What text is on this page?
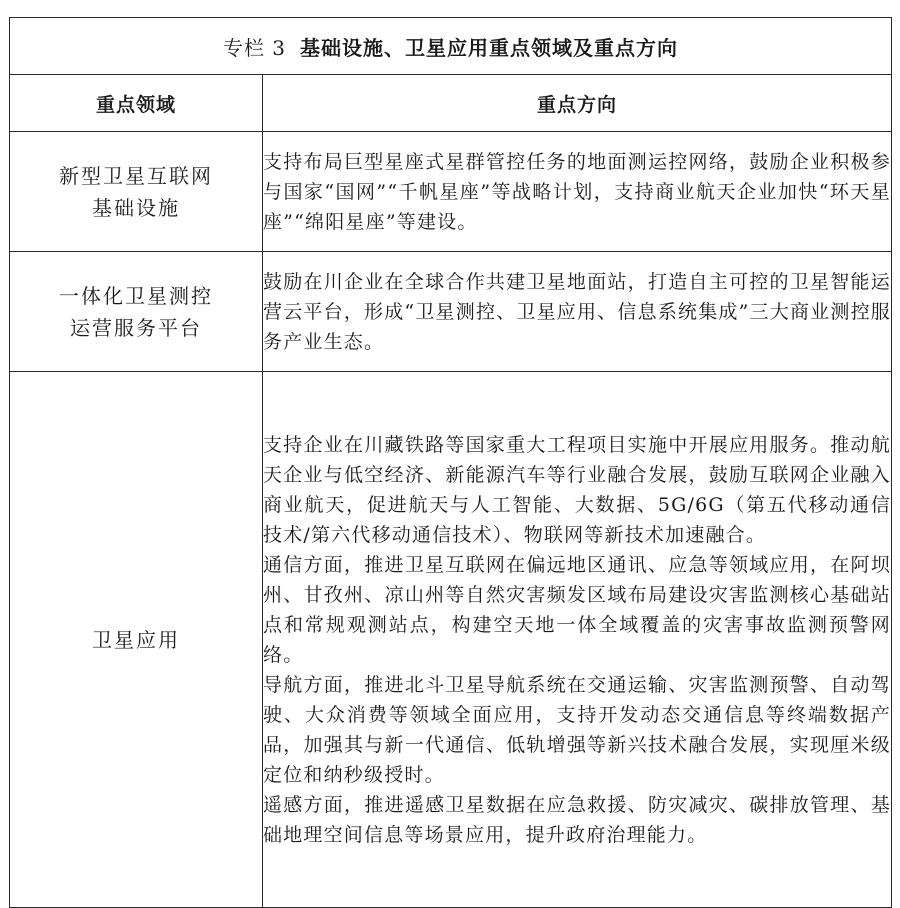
专栏 3 基础设施、卫星应用重点领域及重点方向	
重点领域	重点方向

新型卫星互联网
基础设施	支持布局巨型星座式星群管控任务的地面测运控网络，鼓励企业积极参与国家“国网”“千帆星座”等战略计划，支持商业航天企业加快“环天星座”“绵阳星座”等建设。

一体化卫星测控
运营服务平台	鼓励在川企业在全球合作共建卫星地面站，打造自主可控的卫星智能运营云平台，形成“卫星测控、卫星应用、信息系统集成”三大商业测控服务产业生态。

卫星应用	支持企业在川藏铁路等国家重大工程项目实施中开展应用服务。推动航天企业与低空经济、新能源汽车等行业融合发展，鼓励互联网企业融入商业航天，促进航天与人工智能、大数据、5G/6G（第五代移动通信技术/第六代移动通信技术）、物联网等新技术加速融合。

通信方面，推进卫星互联网在偏远地区通讯、应急等领域应用，在阿坝州、甘孜州、凉山州等自然灾害频发区域布局建设灾害监测核心基础站点和常规观测站点，构建空天地一体全域覆盖的灾害事故监测预警网络。

导航方面，推进北斗卫星导航系统在交通运输、灾害监测预警、自动驾驶、大众消费等领域全面应用，支持开发动态交通信息等终端数据产品，加强其与新一代通信、低轨增强等新兴技术融合发展，实现厘米级定位和纳秒级授时。

遥感方面，推进遥感卫星数据在应急救援、防灾减灾、碳排放管理、基础地理空间信息等场景应用，提升政府治理能力。
